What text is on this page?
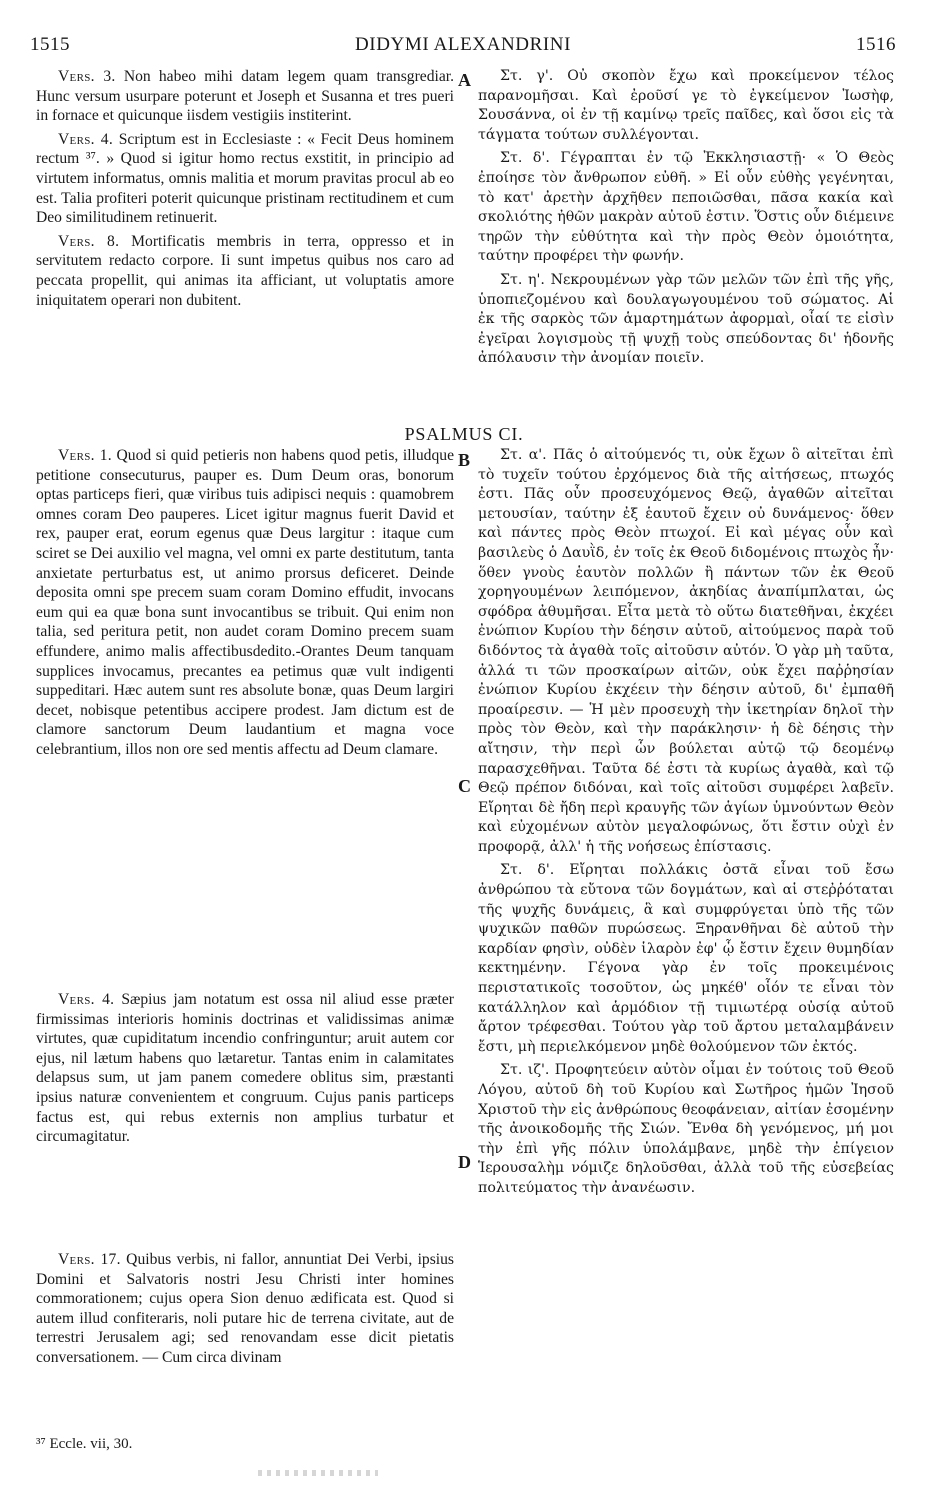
1515	DIDYMI ALEXANDRINI	1516

Vers. 3. Non habeo mihi datam legem quam transgrediar. Hunc versum usurpare poterunt et Joseph et Susanna et tres pueri in fornace et quicunque iisdem vestigiis institerint.

Vers. 4. Scriptum est in Ecclesiaste : « Fecit Deus hominem rectum ³⁷. » Quod si igitur homo rectus exstitit, in principio ad virtutem informatus, omnis malitia et morum pravitas procul ab eo est. Talia profiteri poterit quicunque pristinam rectitudinem et cum Deo similitudinem retinuerit.

Vers. 8. Mortificatis membris in terra, oppresso et in servitutem redacto corpore. Ii sunt impetus quibus nos caro ad peccata propellit, qui animas ita afficiant, ut voluptatis amore iniquitatem operari non dubitent.

Στ. γ'. Οὐ σκοπὸν ἔχω καὶ προκείμενον τέλος παρανομῆσαι. Καὶ ἐροῦσί γε τὸ ἐγκείμενον Ἰωσὴφ, Σουσάννα, οἱ ἐν τῇ καμίνῳ τρεῖς παῖδες, καὶ ὅσοι εἰς τὰ τάγματα τούτων συλλέγονται.

Στ. δ'. Γέγραπται ἐν τῷ Ἐκκλησιαστῇ· « Ὁ Θεὸς ἐποίησε τὸν ἄνθρωπον εὐθῆ. » Εἰ οὖν εὐθὴς γεγένηται, τὸ κατ' ἀρετὴν ἀρχῆθεν πεποιῶσθαι, πᾶσα κακία καὶ σκολιότης ἠθῶν μακρὰν αὐτοῦ ἐστιν. Ὅστις οὖν διέμεινε τηρῶν τὴν εὐθύτητα καὶ τὴν πρὸς Θεὸν ὁμοιότητα, ταύτην προφέρει τὴν φωνήν.

Στ. η'. Νεκρουμένων γὰρ τῶν μελῶν τῶν ἐπὶ τῆς γῆς, ὑποπιεζομένου καὶ δουλαγωγουμένου τοῦ σώματος. Αἱ ἐκ τῆς σαρκὸς τῶν ἁμαρτημάτων ἀφορμαὶ, οἷαί τε εἰσὶν ἐγεῖραι λογισμοὺς τῇ ψυχῇ τοὺς σπεύδοντας δι' ἡδονῆς ἀπόλαυσιν τὴν ἀνομίαν ποιεῖν.

PSALMUS CI.

Vers. 1. Quod si quid petieris non habens quod petis, illudque petitione consecuturus, pauper es. Dum Deum oras, bonorum optas particeps fieri, quæ viribus tuis adipisci nequis : quamobrem omnes coram Deo pauperes. Licet igitur magnus fuerit David et rex, pauper erat, eorum egenus quæ Deus largitur : itaque cum sciret se Dei auxilio vel magna, vel omni ex parte destitutum, tanta anxietate perturbatus est, ut animo prorsus deficeret. Deinde deposita omni spe precem suam coram Domino effudit, invocans eum qui ea quæ bona sunt invocantibus se tribuit. Qui enim non talia, sed peritura petit, non audet coram Domino precem suam effundere, animo malis affectibusdedito.-Orantes Deum tanquam supplices invocamus, precantes ea petimus quæ vult indigenti suppeditari. Hæc autem sunt res absolute bonæ, quas Deum largiri decet, nobisque petentibus accipere prodest. Jam dictum est de clamore sanctorum Deum laudantium et magna voce celebrantium, illos non ore sed mentis affectu ad Deum clamare.

Vers. 4. Sæpius jam notatum est ossa nil aliud esse præter firmissimas interioris hominis doctrinas et validissimas animæ virtutes, quæ cupiditatum incendio confringuntur; aruit autem cor ejus, nil lætum habens quo lætaretur. Tantas enim in calamitates delapsus sum, ut jam panem comedere oblitus sim, præstanti ipsius naturæ convenientem et congruum. Cujus panis particeps factus est, qui rebus externis non amplius turbatur et circumagitatur.

Vers. 17. Quibus verbis, ni fallor, annuntiat Dei Verbi, ipsius Domini et Salvatoris nostri Jesu Christi inter homines commorationem; cujus opera Sion denuo ædificata est. Quod si autem illud confiteraris, noli putare hic de terrena civitate, aut de terrestri Jerusalem agi; sed renovandam esse dicit pietatis conversationem. — Cum circa divinam

Στ. α'. Πᾶς ὁ αἰτούμενός τι, οὐκ ἔχων ὃ αἰτεῖται ἐπὶ τὸ τυχεῖν τούτου ἐρχόμενος διὰ τῆς αἰτήσεως, πτωχός ἐστι. Πᾶς οὖν προσευχόμενος Θεῷ, ἀγαθῶν αἰτεῖται μετουσίαν, ταύτην ἐξ ἑαυτοῦ ἔχειν οὐ δυνάμενος· ὅθεν καὶ πάντες πρὸς Θεὸν πτωχοί. Εἰ καὶ μέγας οὖν καὶ βασιλεὺς ὁ Δαυῒδ, ἐν τοῖς ἐκ Θεοῦ διδομένοις πτωχὸς ἦν· ὅθεν γνοὺς ἑαυτὸν πολλῶν ἢ πάντων τῶν ἐκ Θεοῦ χορηγουμένων λειπόμενον, ἀκηδίας ἀναπίμπλαται, ὡς σφόδρα ἀθυμῆσαι. Εἶτα μετὰ τὸ οὕτω διατεθῆναι, ἐκχέει ἐνώπιον Κυρίου τὴν δέησιν αὐτοῦ, αἰτούμενος παρὰ τοῦ διδόντος τὰ ἀγαθὰ τοῖς αἰτοῦσιν αὐτόν. Ὁ γὰρ μὴ ταῦτα, ἀλλά τι τῶν προσκαίρων αἰτῶν, οὐκ ἔχει παῤῥησίαν ἐνώπιον Κυρίου ἐκχέειν τὴν δέησιν αὐτοῦ, δι' ἐμπαθῆ προαίρεσιν. — Ἡ μὲν προσευχὴ τὴν ἱκετηρίαν δηλοῖ τὴν πρὸς τὸν Θεὸν, καὶ τὴν παράκλησιν· ἡ δὲ δέησις τὴν αἴτησιν, τὴν περὶ ὧν βούλεται αὐτῷ τῷ δεομένῳ παρασχεθῆναι. Ταῦτα δέ ἐστι τὰ κυρίως ἀγαθὰ, καὶ τῷ Θεῷ πρέπον διδόναι, καὶ τοῖς αἰτοῦσι συμφέρει λαβεῖν. Εἴρηται δὲ ἤδη περὶ κραυγῆς τῶν ἁγίων ὑμνούντων Θεὸν καὶ εὐχομένων αὐτὸν μεγαλοφώνως, ὅτι ἔστιν οὐχὶ ἐν προφορᾷ, ἀλλ' ἡ τῆς νοήσεως ἐπίστασις.

Στ. δ'. Εἴρηται πολλάκις ὀστᾶ εἶναι τοῦ ἔσω ἀνθρώπου τὰ εὔτονα τῶν δογμάτων, καὶ αἱ στεῤῥόταται τῆς ψυχῆς δυνάμεις, ἃ καὶ συμφρύγεται ὑπὸ τῆς τῶν ψυχικῶν παθῶν πυρώσεως. Ξηρανθῆναι δὲ αὐτοῦ τὴν καρδίαν φησὶν, οὐδὲν ἱλαρὸν ἐφ' ᾧ ἔστιν ἔχειν θυμηδίαν κεκτημένην. Γέγονα γὰρ ἐν τοῖς προκειμένοις περιστατικοῖς τοσοῦτον, ὡς μηκέθ' οἷόν τε εἶναι τὸν κατάλληλον καὶ ἁρμόδιον τῇ τιμιωτέρᾳ οὐσίᾳ αὐτοῦ ἄρτον τρέφεσθαι. Τούτου γὰρ τοῦ ἄρτου μεταλαμβάνειν ἔστι, μὴ περιελκόμενον μηδὲ θολούμενον τῶν ἐκτός.

Στ. ιζ'. Προφητεύειν αὐτὸν οἶμαι ἐν τούτοις τοῦ Θεοῦ Λόγου, αὐτοῦ δὴ τοῦ Κυρίου καὶ Σωτῆρος ἡμῶν Ἰησοῦ Χριστοῦ τὴν εἰς ἀνθρώπους θεοφάνειαν, αἰτίαν ἐσομένην τῆς ἀνοικοδομῆς τῆς Σιών. Ἔνθα δὴ γενόμενος, μή μοι τὴν ἐπὶ γῆς πόλιν ὑπολάμβανε, μηδὲ τὴν ἐπίγειον Ἱερουσαλὴμ νόμιζε δηλοῦσθαι, ἀλλὰ τοῦ τῆς εὐσεβείας πολιτεύματος τὴν ἀνανέωσιν.

A
B
C
D
³⁷ Eccle. vii, 30.
